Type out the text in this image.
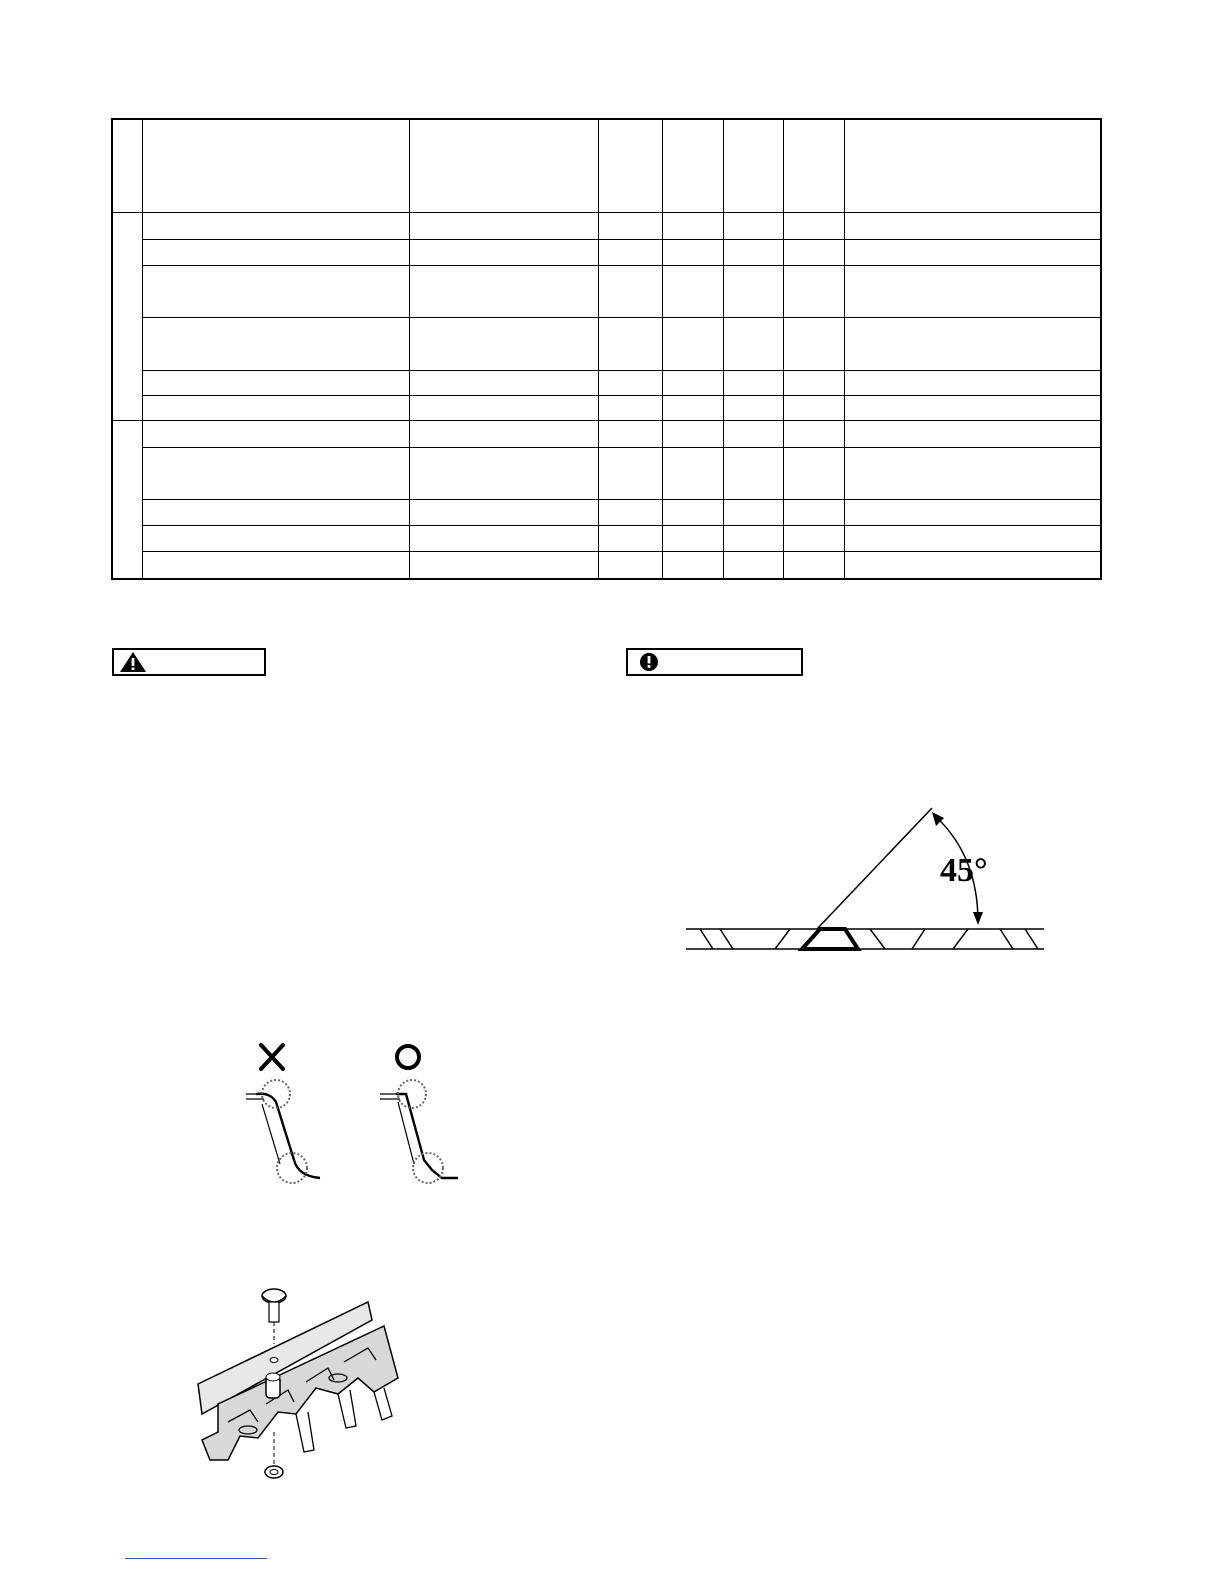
45°
